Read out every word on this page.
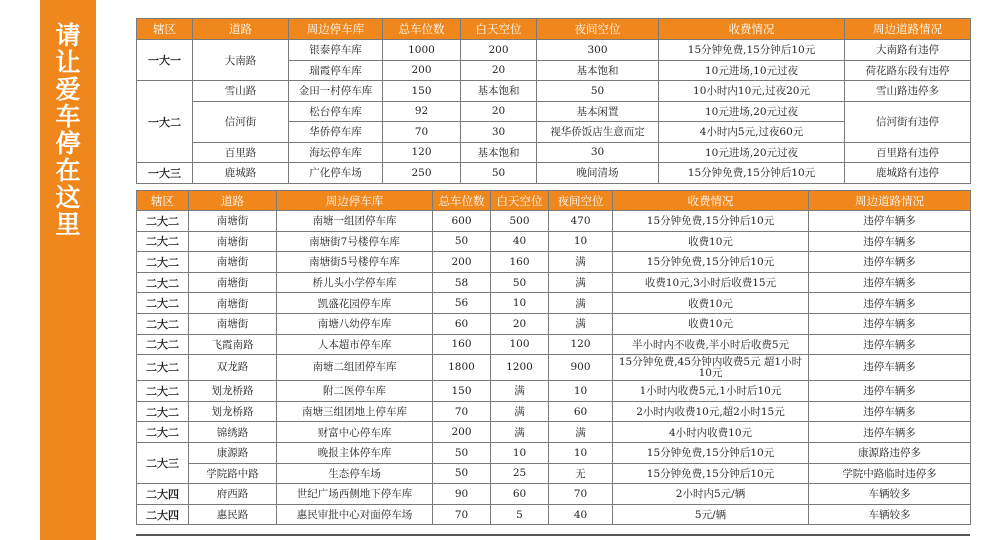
请
让
爱
车
停
在
这
里
辖区	道路	周边停车库	总车位数	白天空位	夜间空位	收费情况	周边道路情况
一大一	大南路	银泰停车库	1000	200	300	15分钟免费,15分钟后10元	大南路有违停
		瑞霞停车库	200	20	基本饱和	10元进场,10元过夜	荷花路东段有违停
一大二	雪山路	金田一村停车库	150	基本饱和	50	10小时内10元,过夜20元	雪山路违停多
	信河街	松台停车库	92	20	基本闲置	10元进场,20元过夜	信河街有违停
		华侨停车库	70	30	视华侨饭店生意而定	4小时内5元,过夜60元	
	百里路	海坛停车库	120	基本饱和	30	10元进场,20元过夜	百里路有违停
一大三	鹿城路	广化停车场	250	50	晚间清场	15分钟免费,15分钟后10元	鹿城路有违停
辖区	道路	周边停车库	总车位数	白天空位	夜间空位	收费情况	周边道路情况
二大二	南塘街	南塘一组团停车库	600	500	470	15分钟免费,15分钟后10元	违停车辆多
二大二	南塘街	南塘街7号楼停车库	50	40	10	收费10元	违停车辆多
二大二	南塘街	南塘街5号楼停车库	200	160	满	15分钟免费,15分钟后10元	违停车辆多
二大二	南塘街	桥儿头小学停车库	58	50	满	收费10元,3小时后收费15元	违停车辆多
二大二	南塘街	凯盛花园停车库	56	10	满	收费10元	违停车辆多
二大二	南塘街	南塘八幼停车库	60	20	满	收费10元	违停车辆多
二大二	飞霞南路	人本超市停车库	160	100	120	半小时内不收费,半小时后收费5元	违停车辆多
二大二	双龙路	南塘二组团停车库	1800	1200	900	15分钟免费,45分钟内收费5元 超1小时10元	违停车辆多
二大二	划龙桥路	附二医停车库	150	满	10	1小时内收费5元,1小时后10元	违停车辆多
二大二	划龙桥路	南塘三组团地上停车库	70	满	60	2小时内收费10元,超2小时15元	违停车辆多
二大二	锦绣路	财富中心停车库	200	满	满	4小时内收费10元	违停车辆多
二大三	康源路	晚报主体停车库	50	10	10	15分钟免费,15分钟后10元	康源路违停多
	学院路中路	生态停车场	50	25	无	15分钟免费,15分钟后10元	学院中路临时违停多
二大四	府西路	世纪广场西侧地下停车库	90	60	70	2小时内5元/辆	车辆较多
二大四	惠民路	惠民审批中心对面停车场	70	5	40	5元/辆	车辆较多
